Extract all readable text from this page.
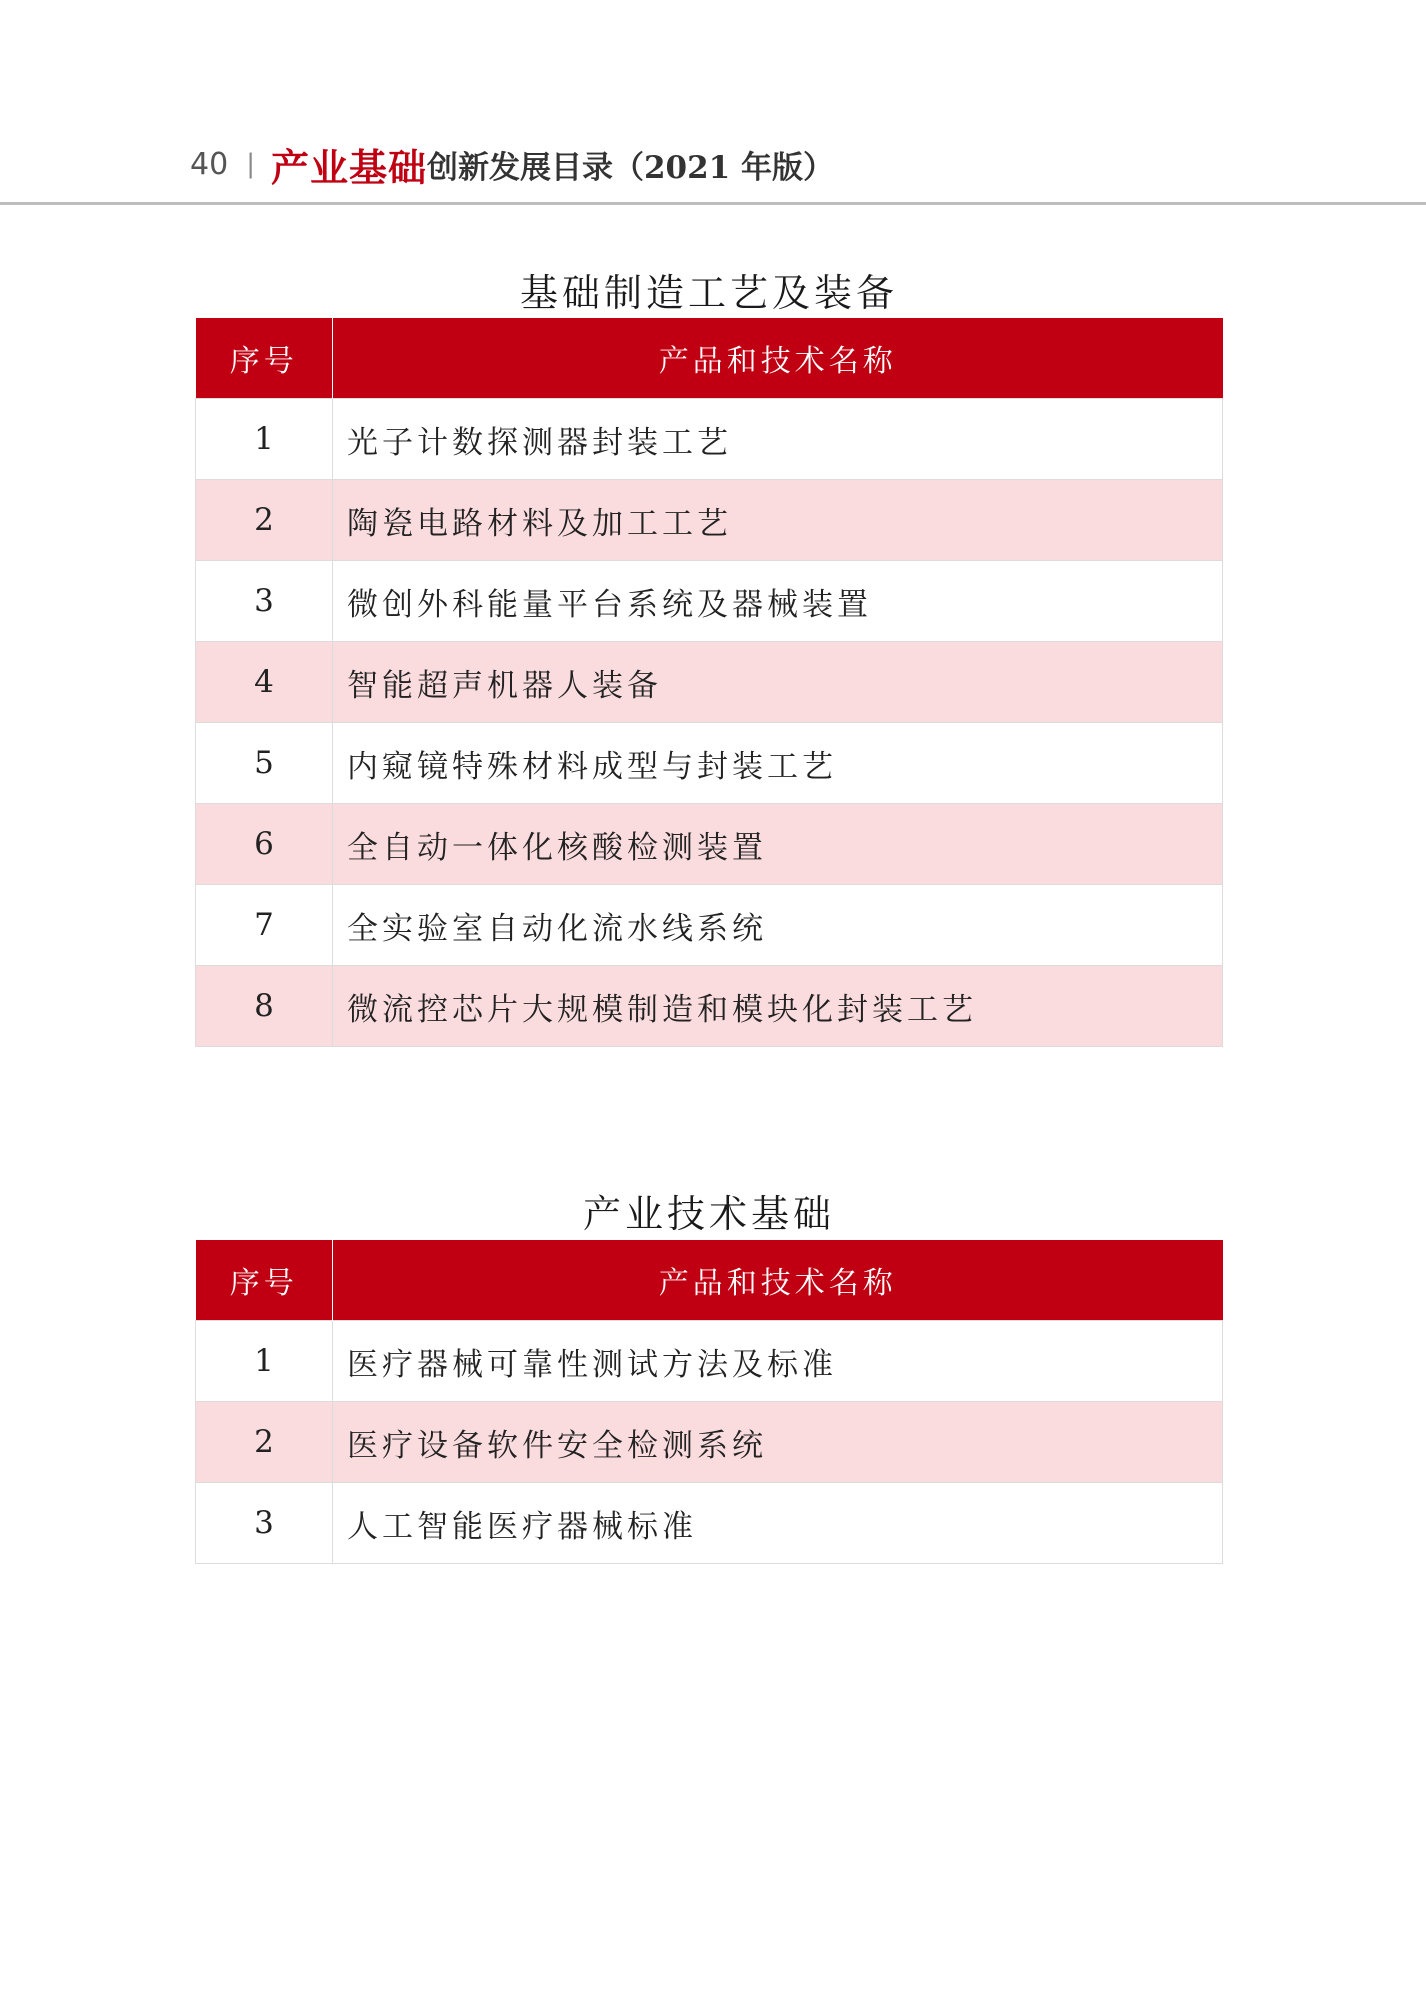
40 | 产业基础 创新发展目录（2021 年版）
基础制造工艺及装备
序号	产品和技术名称
1	光子计数探测器封装工艺
2	陶瓷电路材料及加工工艺
3	微创外科能量平台系统及器械装置
4	智能超声机器人装备
5	内窥镜特殊材料成型与封装工艺
6	全自动一体化核酸检测装置
7	全实验室自动化流水线系统
8	微流控芯片大规模制造和模块化封装工艺
产业技术基础
序号	产品和技术名称
1	医疗器械可靠性测试方法及标准
2	医疗设备软件安全检测系统
3	人工智能医疗器械标准
